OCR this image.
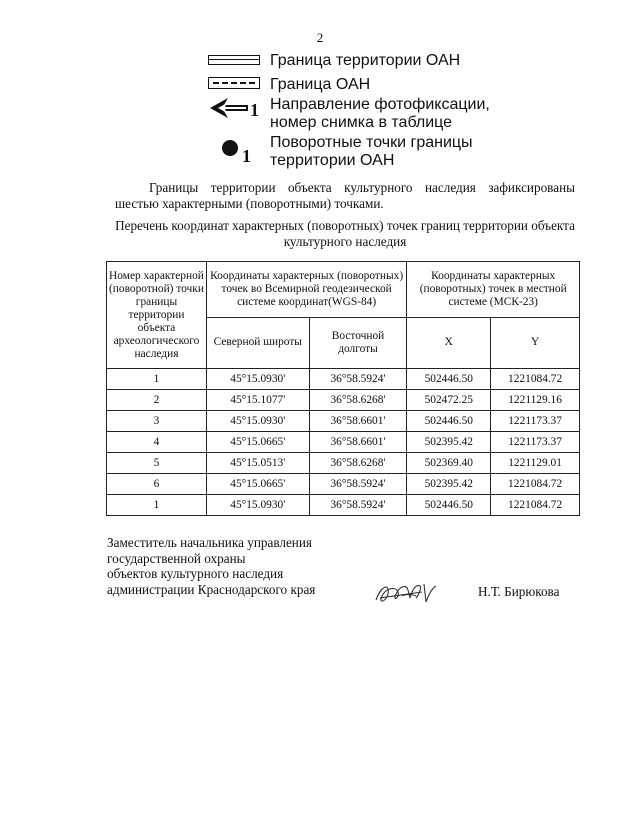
2
Граница территории ОАН
Граница ОАН
1 Направление фотофиксации,
номер снимка в таблице
1
Поворотные точки границы
территории ОАН
Границы территории объекта культурного наследия зафиксированы шестью характерными (поворотными) точками.
Перечень координат характерных (поворотных) точек границ территории объекта культурного наследия
Номер характерной (поворотной) точки границы территории объекта археологического наследия	Координаты характерных (поворотных) точек во Всемирной геодезической системе координат(WGS-84)		Координаты характерных (поворотных) точек в местной системе (МСК-23)	
	Северной широты	Восточной долготы	X	Y
1	45°15.0930'	36°58.5924'	502446.50	1221084.72
2	45°15.1077'	36°58.6268'	502472.25	1221129.16
3	45°15.0930'	36°58.6601'	502446.50	1221173.37
4	45°15.0665'	36°58.6601'	502395.42	1221173.37
5	45°15.0513'	36°58.6268'	502369.40	1221129.01
6	45°15.0665'	36°58.5924'	502395.42	1221084.72
1	45°15.0930'	36°58.5924'	502446.50	1221084.72
Заместитель начальника управления
государственной охраны
объектов культурного наследия
администрации Краснодарского края	Н.Т. Бирюкова
